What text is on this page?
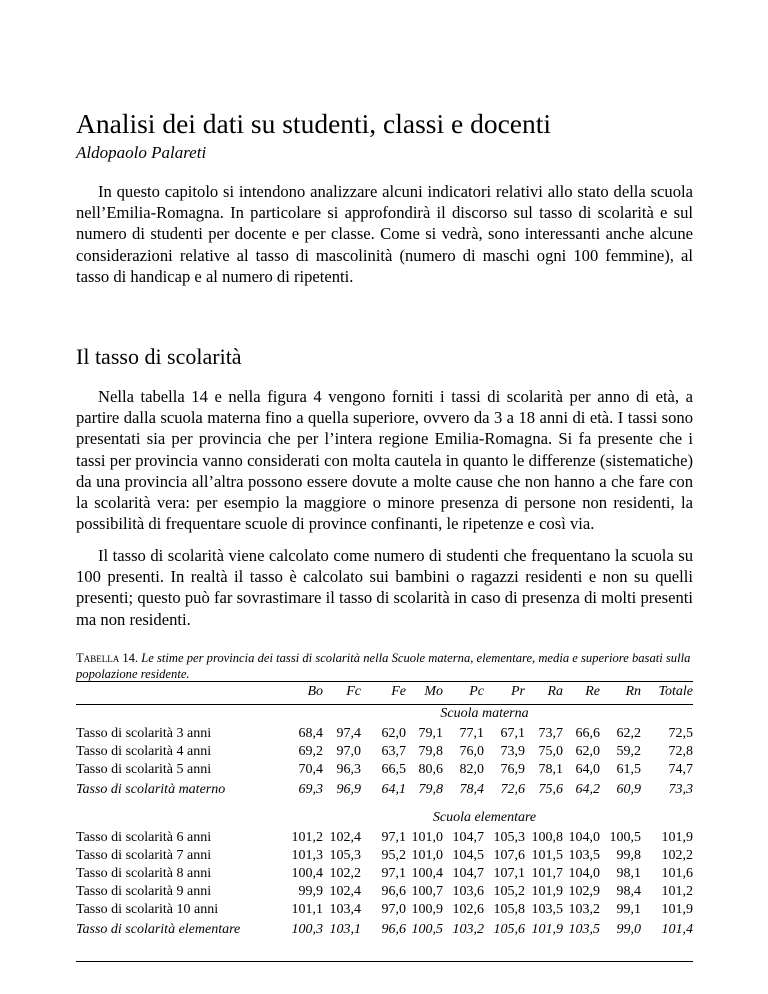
Analisi dei dati su studenti, classi e docenti
Aldopaolo Palareti

In questo capitolo si intendono analizzare alcuni indicatori relativi allo stato della scuola nell’Emilia-Romagna. In particolare si approfondirà il discorso sul tasso di scolarità e sul numero di studenti per docente e per classe. Come si vedrà, sono interessanti anche alcune considerazioni relative al tasso di mascolinità (numero di maschi ogni 100 femmine), al tasso di handicap e al numero di ripetenti.

Il tasso di scolarità

Nella tabella 14 e nella figura 4 vengono forniti i tassi di scolarità per anno di età, a partire dalla scuola materna fino a quella superiore, ovvero da 3 a 18 anni di età. I tassi sono presentati sia per provincia che per l’intera regione Emilia-Romagna. Si fa presente che i tassi per provincia vanno considerati con molta cautela in quanto le differenze (sistematiche) da una provincia all’altra possono essere dovute a molte cause che non hanno a che fare con la scolarità vera: per esempio la maggiore o minore presenza di persone non residenti, la possibilità di frequentare scuole di province confinanti, le ripetenze e così via.

Il tasso di scolarità viene calcolato come numero di studenti che frequentano la scuola su 100 presenti. In realtà il tasso è calcolato sui bambini o ragazzi residenti e non su quelli presenti; questo può far sovrastimare il tasso di scolarità in caso di presenza di molti presenti ma non residenti.

Tabella 14. Le stime per provincia dei tassi di scolarità nella Scuole materna, elementare, media e superiore basati sulla popolazione residente.
	Bo	Fc	Fe	Mo	Pc	Pr	Ra	Re	Rn	Totale
	Scuola materna									
Tasso di scolarità 3 anni	68,4	97,4	62,0	79,1	77,1	67,1	73,7	66,6	62,2	72,5
Tasso di scolarità 4 anni	69,2	97,0	63,7	79,8	76,0	73,9	75,0	62,0	59,2	72,8
Tasso di scolarità 5 anni	70,4	96,3	66,5	80,6	82,0	76,9	78,1	64,0	61,5	74,7
Tasso di scolarità materno	69,3	96,9	64,1	79,8	78,4	72,6	75,6	64,2	60,9	73,3

	Scuola elementare									
Tasso di scolarità 6 anni	101,2	102,4	97,1	101,0	104,7	105,3	100,8	104,0	100,5	101,9
Tasso di scolarità 7 anni	101,3	105,3	95,2	101,0	104,5	107,6	101,5	103,5	99,8	102,2
Tasso di scolarità 8 anni	100,4	102,2	97,1	100,4	104,7	107,1	101,7	104,0	98,1	101,6
Tasso di scolarità 9 anni	99,9	102,4	96,6	100,7	103,6	105,2	101,9	102,9	98,4	101,2
Tasso di scolarità 10 anni	101,1	103,4	97,0	100,9	102,6	105,8	103,5	103,2	99,1	101,9
Tasso di scolarità elementare	100,3	103,1	96,6	100,5	103,2	105,6	101,9	103,5	99,0	101,4
